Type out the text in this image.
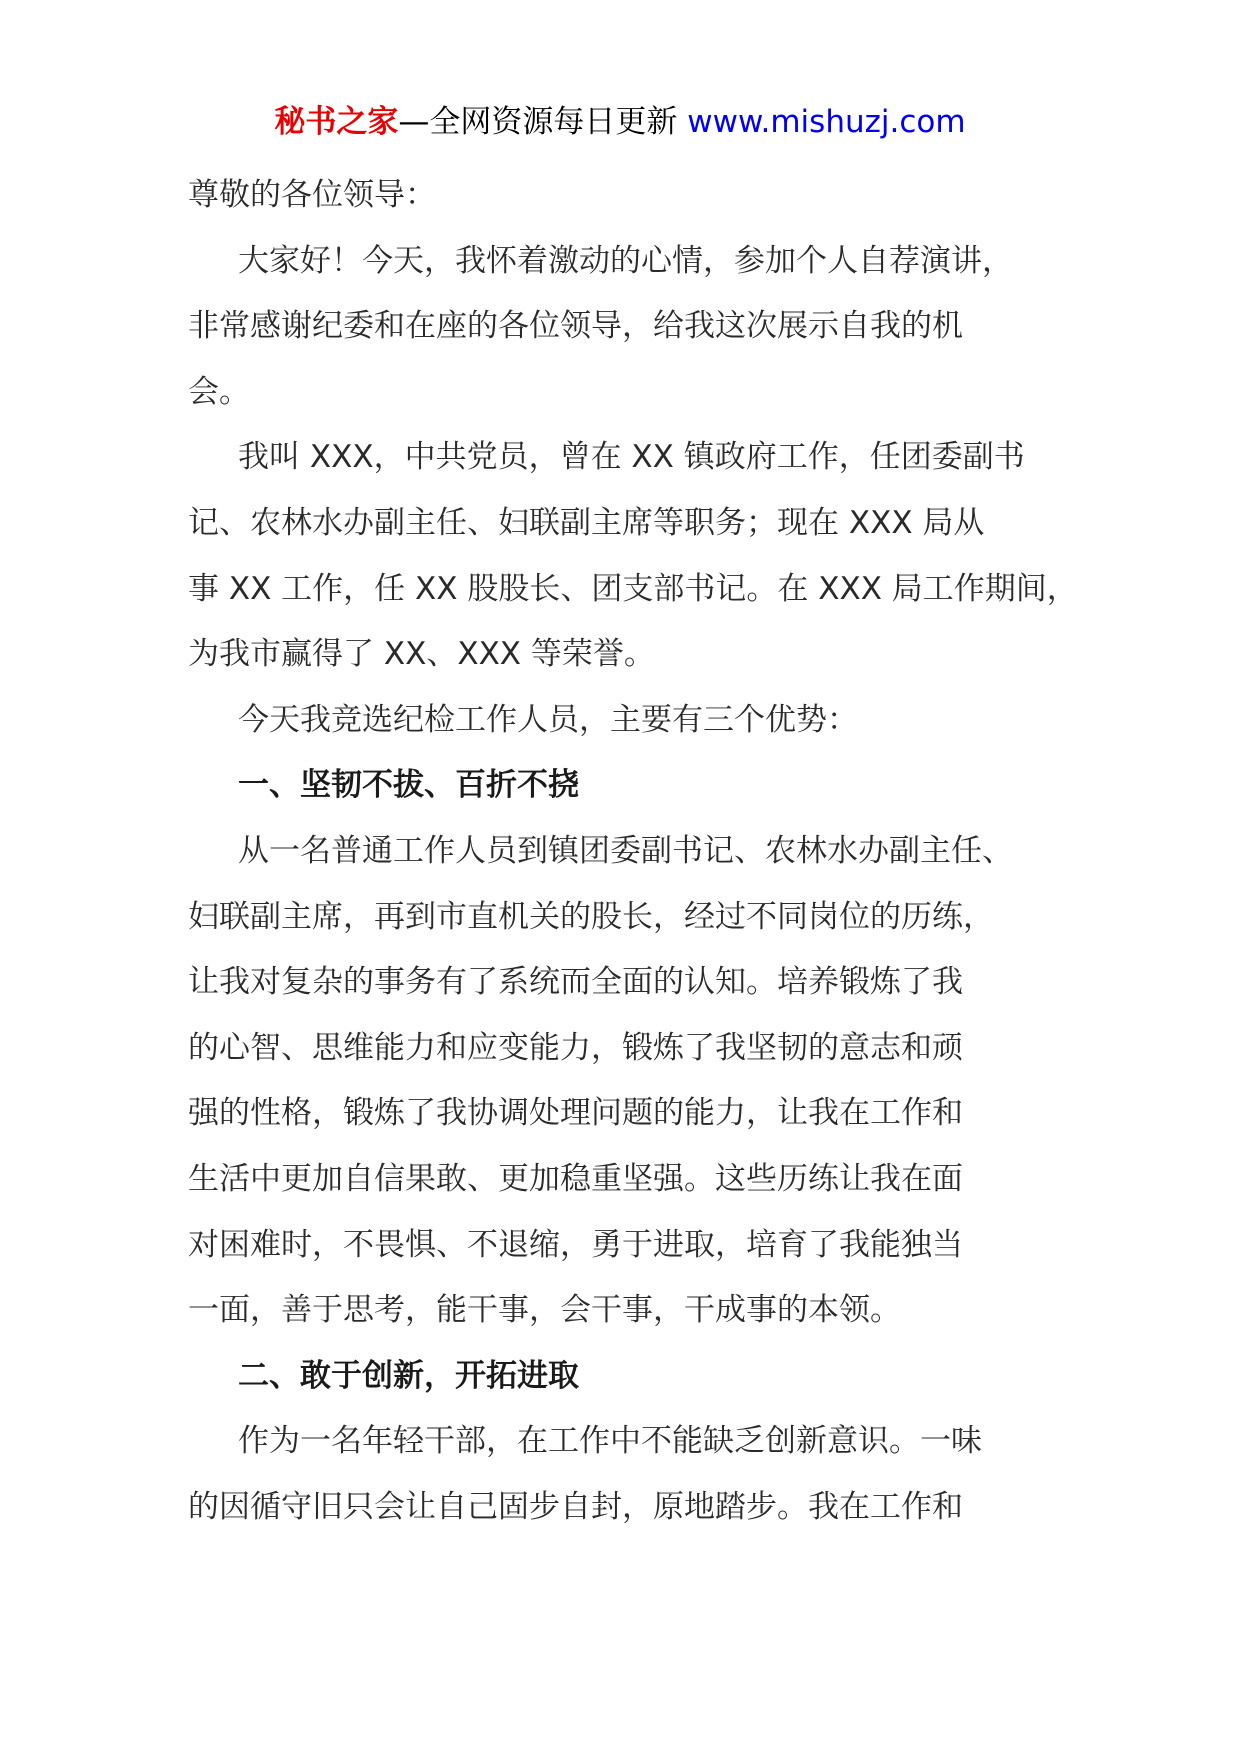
秘书之家—全网资源每日更新 www.mishuzj.com
尊敬的各位领导：
大家好！今天，我怀着激动的心情，参加个人自荐演讲，
非常感谢纪委和在座的各位领导，给我这次展示自我的机
会。
我叫 XXX，中共党员，曾在 XX 镇政府工作，任团委副书
记、农林水办副主任、妇联副主席等职务；现在 XXX 局从
事 XX 工作，任 XX 股股长、团支部书记。在 XXX 局工作期间，
为我市赢得了 XX、XXX 等荣誉。
今天我竞选纪检工作人员，主要有三个优势：
一、坚韧不拔、百折不挠
从一名普通工作人员到镇团委副书记、农林水办副主任、
妇联副主席，再到市直机关的股长，经过不同岗位的历练，
让我对复杂的事务有了系统而全面的认知。培养锻炼了我
的心智、思维能力和应变能力，锻炼了我坚韧的意志和顽
强的性格，锻炼了我协调处理问题的能力，让我在工作和
生活中更加自信果敢、更加稳重坚强。这些历练让我在面
对困难时，不畏惧、不退缩，勇于进取，培育了我能独当
一面，善于思考，能干事，会干事，干成事的本领。
二、敢于创新，开拓进取
作为一名年轻干部，在工作中不能缺乏创新意识。一味
的因循守旧只会让自己固步自封，原地踏步。我在工作和
